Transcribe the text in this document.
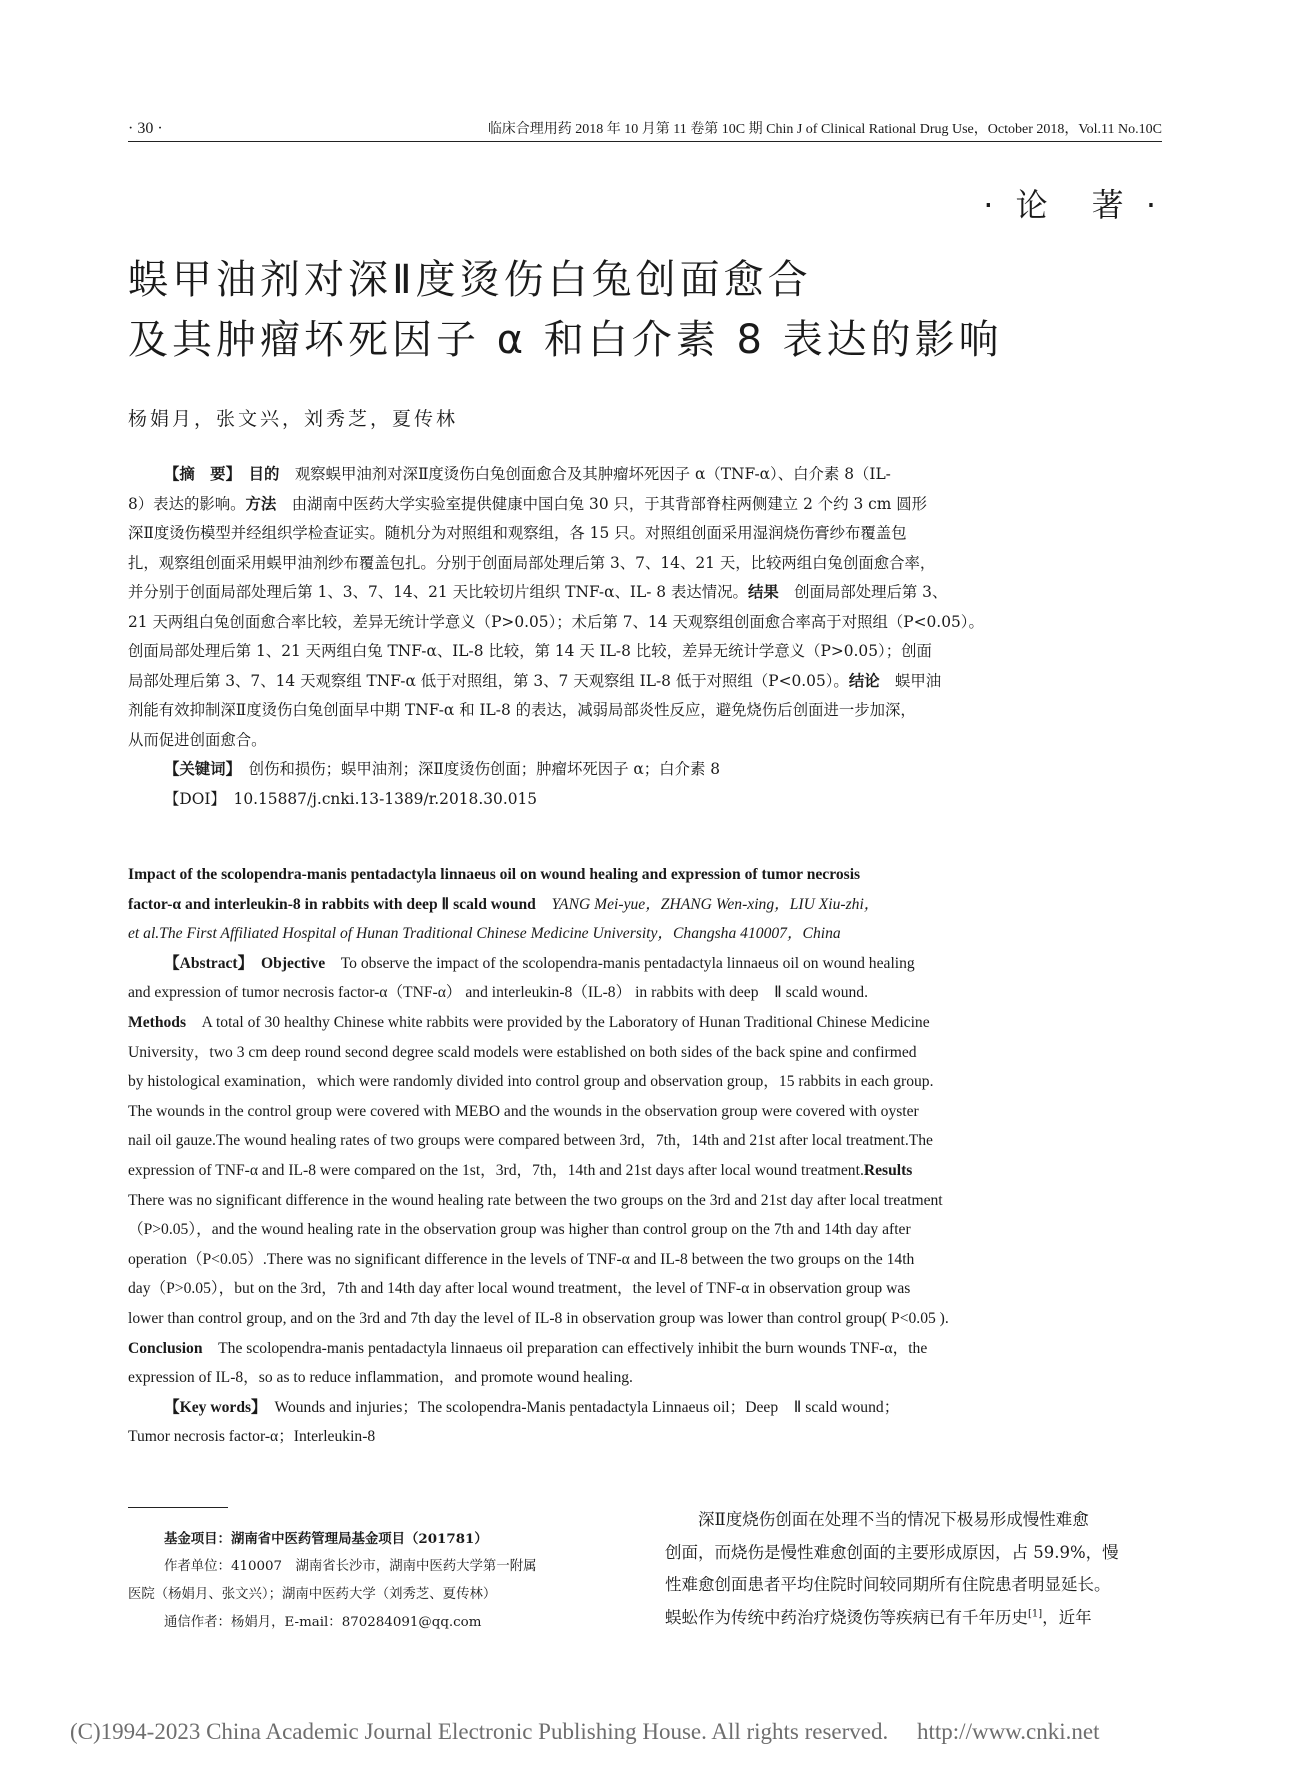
· 30 ·	临床合理用药 2018 年 10 月第 11 卷第 10C 期 Chin J of Clinical Rational Drug Use，October 2018，Vol.11 No.10C
· 论　著 ·
蜈甲油剂对深Ⅱ度烫伤白兔创面愈合
及其肿瘤坏死因子 α 和白介素 8 表达的影响
杨娟月，张文兴，刘秀芝，夏传林
【摘　要】　目的　观察蜈甲油剂对深Ⅱ度烫伤白兔创面愈合及其肿瘤坏死因子 α（TNF-α）、白介素 8（IL-
8）表达的影响。方法　由湖南中医药大学实验室提供健康中国白兔 30 只，于其背部脊柱两侧建立 2 个约 3 cm 圆形
深Ⅱ度烫伤模型并经组织学检查证实。随机分为对照组和观察组，各 15 只。对照组创面采用湿润烧伤膏纱布覆盖包
扎，观察组创面采用蜈甲油剂纱布覆盖包扎。分别于创面局部处理后第 3、7、14、21 天，比较两组白兔创面愈合率，
并分别于创面局部处理后第 1、3、7、14、21 天比较切片组织 TNF-α、IL- 8 表达情况。结果　创面局部处理后第 3、
21 天两组白兔创面愈合率比较，差异无统计学意义（P>0.05）；术后第 7、14 天观察组创面愈合率高于对照组（P<0.05）。
创面局部处理后第 1、21 天两组白兔 TNF-α、IL-8 比较，第 14 天 IL-8 比较，差异无统计学意义（P>0.05）；创面
局部处理后第 3、7、14 天观察组 TNF-α 低于对照组，第 3、7 天观察组 IL-8 低于对照组（P<0.05）。结论　蜈甲油
剂能有效抑制深Ⅱ度烫伤白兔创面早中期 TNF-α 和 IL-8 的表达，减弱局部炎性反应，避免烧伤后创面进一步加深，
从而促进创面愈合。
【关键词】　 创伤和损伤；蜈甲油剂；深Ⅱ度烫伤创面；肿瘤坏死因子 α；白介素 8
【DOI】　 10.15887/j.cnki.13-1389/r.2018.30.015
Impact of the scolopendra-manis pentadactyla linnaeus oil on wound healing and expression of tumor necrosis
factor-α and interleukin-8 in rabbits with deep Ⅱ scald wound　 YANG Mei-yue，ZHANG Wen-xing，LIU Xiu-zhi，
et al.The First Affiliated Hospital of Hunan Traditional Chinese Medicine University，Changsha 410007，China
【Abstract】　 Objective　 To observe the impact of the scolopendra-manis pentadactyla linnaeus oil on wound healing
and expression of tumor necrosis factor-α（TNF-α） and interleukin-8（IL-8） in rabbits with deep　Ⅱ scald wound.
Methods　 A total of 30 healthy Chinese white rabbits were provided by the Laboratory of Hunan Traditional Chinese Medicine
University，two 3 cm deep round second degree scald models were established on both sides of the back spine and confirmed
by histological examination，which were randomly divided into control group and observation group，15 rabbits in each group.
The wounds in the control group were covered with MEBO and the wounds in the observation group were covered with oyster
nail oil gauze.The wound healing rates of two groups were compared between 3rd，7th，14th and 21st after local treatment.The
expression of TNF-α and IL-8 were compared on the 1st，3rd，7th，14th and 21st days after local wound treatment.Results
There was no significant difference in the wound healing rate between the two groups on the 3rd and 21st day after local treatment
（P>0.05），and the wound healing rate in the observation group was higher than control group on the 7th and 14th day after
operation（P<0.05）.There was no significant difference in the levels of TNF-α and IL-8 between the two groups on the 14th
day（P>0.05），but on the 3rd，7th and 14th day after local wound treatment，the level of TNF-α in observation group was
lower than control group, and on the 3rd and 7th day the level of IL-8 in observation group was lower than control group( P<0.05 ).
Conclusion　 The scolopendra-manis pentadactyla linnaeus oil preparation can effectively inhibit the burn wounds TNF-α，the
expression of IL-8，so as to reduce inflammation，and promote wound healing.
【Key words】　 Wounds and injuries；The scolopendra-Manis pentadactyla Linnaeus oil；Deep　Ⅱ scald wound；
Tumor necrosis factor-α；Interleukin-8
基金项目：湖南省中医药管理局基金项目（201781）
作者单位：410007　湖南省长沙市，湖南中医药大学第一附属
医院（杨娟月、张文兴）；湖南中医药大学（刘秀芝、夏传林）
通信作者：杨娟月，E-mail：870284091@qq.com
深Ⅱ度烧伤创面在处理不当的情况下极易形成慢性难愈
创面，而烧伤是慢性难愈创面的主要形成原因，占 59.9%，慢
性难愈创面患者平均住院时间较同期所有住院患者明显延长。
蜈蚣作为传统中药治疗烧烫伤等疾病已有千年历史[1]，近年
(C)1994-2023 China Academic Journal Electronic Publishing House. All rights reserved.　 http://www.cnki.net
